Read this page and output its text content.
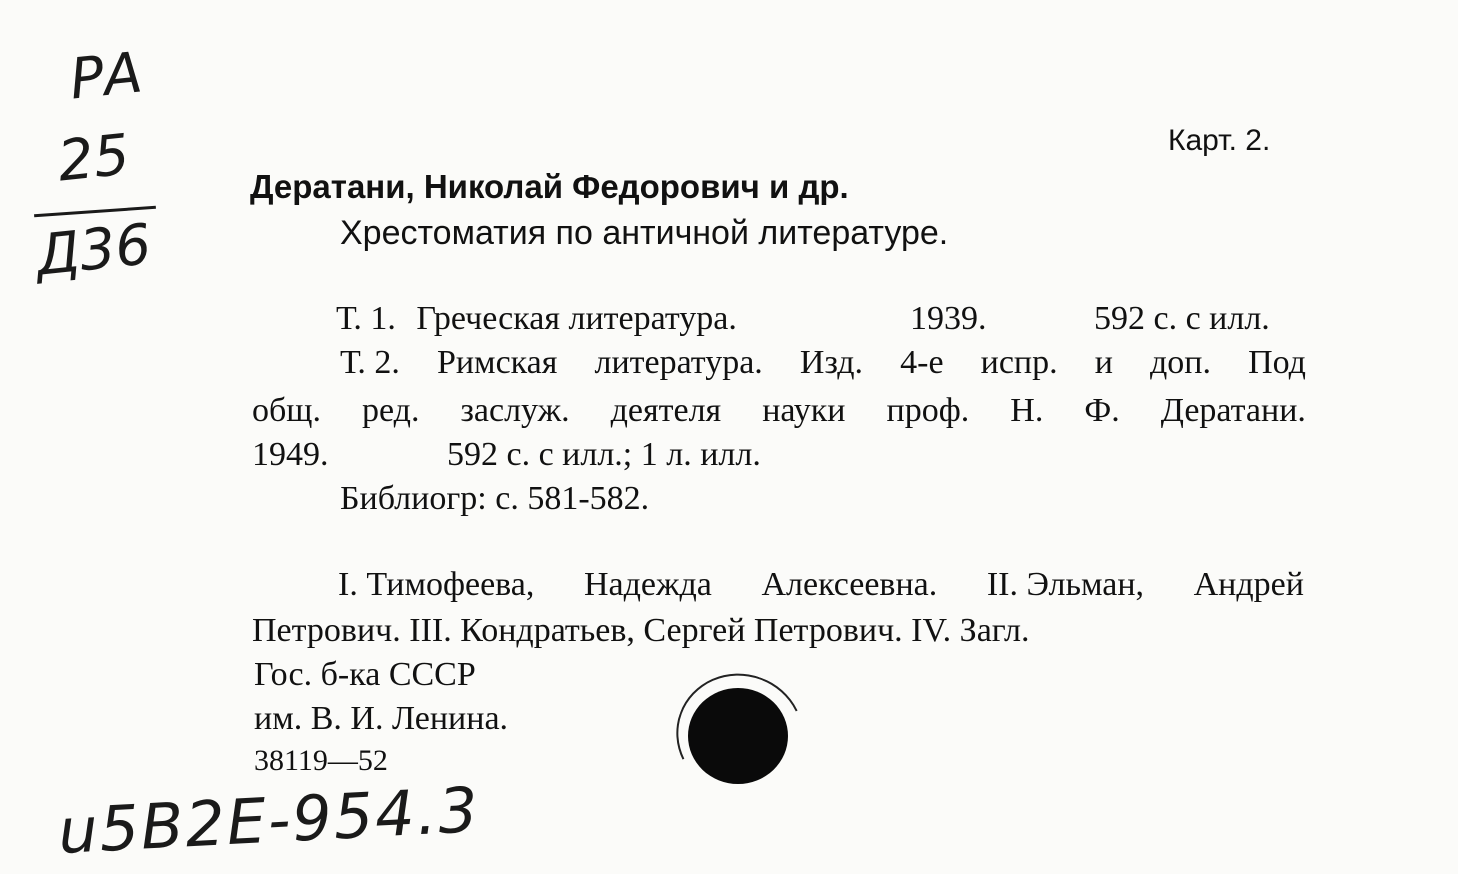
РА
25
Д36
Карт. 2.
Дератани, Николай Федорович и др.
Хрестоматия по античной литературе.
Т. 1. Греческая литература.	1939.	592 с. с илл.
Т. 2. Римская литература. Изд. 4-е испр. и доп. Под
общ. ред. заслуж. деятеля науки проф. Н. Ф. Дератани.
1949.	592 с. с илл.; 1 л. илл.
Библиогр: с. 581-582.
I. Тимофеева, Надежда Алексеевна. II. Эльман, Андрей
Петрович. III. Кондратьев, Сергей Петрович. IV. Загл.
Гос. б-ка СССР
им. В. И. Ленина.
38119—52
u5B2E-954.3
